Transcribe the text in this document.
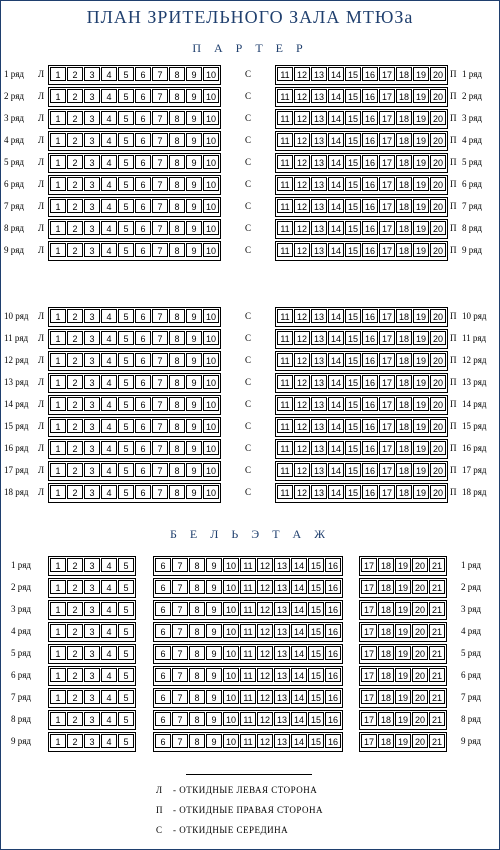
ПЛАН ЗРИТЕЛЬНОГО ЗАЛА МТЮЗа
П А Р Т Е Р
1 ряд Л	1	2	3	4	5	6	7	8	9	10	С	11 12 13 14 15 16 17 18 19 20 П 1 ряд
2 ряд Л	1	2	3	4	5	6	7	8	9	10	С	11 12 13 14 15 16 17 18 19 20 П 2 ряд
3 ряд Л	1	2	3	4	5	6	7	8	9	10	С	11 12 13 14 15 16 17 18 19 20 П 3 ряд
4 ряд Л	1	2	3	4	5	6	7	8	9	10	С	11 12 13 14 15 16 17 18 19 20 П 4 ряд
5 ряд Л	1	2	3	4	5	6	7	8	9	10	С	11 12 13 14 15 16 17 18 19 20 П 5 ряд
6 ряд Л	1	2	3	4	5	6	7	8	9	10	С	11 12 13 14 15 16 17 18 19 20 П 6 ряд
7 ряд Л	1	2	3	4	5	6	7	8	9	10	С	11 12 13 14 15 16 17 18 19 20 П 7 ряд
8 ряд Л	1	2	3	4	5	6	7	8	9	10	С	11 12 13 14 15 16 17 18 19 20 П 8 ряд
9 ряд Л	1	2	3	4	5	6	7	8	9	10	С	11 12 13 14 15 16 17 18 19 20 П 9 ряд
10 ряд Л	1	2	3	4	5	6	7	8	9	10	С	11 12 13 14 15 16 17 18 19 20 П 10 ряд
11 ряд Л	1	2	3	4	5	6	7	8	9	10	С	11 12 13 14 15 16 17 18 19 20 П 11 ряд
12 ряд Л	1	2	3	4	5	6	7	8	9	10	С	11 12 13 14 15 16 17 18 19 20 П 12 ряд
13 ряд Л	1	2	3	4	5	6	7	8	9	10	С	11 12 13 14 15 16 17 18 19 20 П 13 ряд
14 ряд Л	1	2	3	4	5	6	7	8	9	10	С	11 12 13 14 15 16 17 18 19 20 П 14 ряд
15 ряд Л	1	2	3	4	5	6	7	8	9	10	С	11 12 13 14 15 16 17 18 19 20 П 15 ряд
16 ряд Л	1	2	3	4	5	6	7	8	9	10	С	11 12 13 14 15 16 17 18 19 20 П 16 ряд
17 ряд Л	1	2	3	4	5	6	7	8	9	10	С	11 12 13 14 15 16 17 18 19 20 П 17 ряд
18 ряд Л	1	2	3	4	5	6	7	8	9	10	С	11 12 13 14 15 16 17 18 19 20 П 18 ряд
Б Е Л Ь Э Т А Ж
1 ряд	1	2	3	4	5	6	7	8	9	10 11 12 13 14 15 16	17 18 19 20 21	1 ряд
2 ряд	1	2	3	4	5	6	7	8	9	10 11 12 13 14 15 16	17 18 19 20 21	2 ряд
3 ряд	1	2	3	4	5	6	7	8	9	10 11 12 13 14 15 16	17 18 19 20 21	3 ряд
4 ряд	1	2	3	4	5	6	7	8	9	10 11 12 13 14 15 16	17 18 19 20 21	4 ряд
5 ряд	1	2	3	4	5	6	7	8	9	10 11 12 13 14 15 16	17 18 19 20 21	5 ряд
6 ряд	1	2	3	4	5	6	7	8	9	10 11 12 13 14 15 16	17 18 19 20 21	6 ряд
7 ряд	1	2	3	4	5	6	7	8	9	10 11 12 13 14 15 16	17 18 19 20 21	7 ряд
8 ряд	1	2	3	4	5	6	7	8	9	10 11 12 13 14 15 16	17 18 19 20 21	8 ряд
9 ряд	1	2	3	4	5	6	7	8	9	10 11 12 13 14 15 16	17 18 19 20 21	9 ряд
Л - ОТКИДНЫЕ ЛЕВАЯ СТОРОНА
П - ОТКИДНЫЕ ПРАВАЯ СТОРОНА
С - ОТКИДНЫЕ СЕРЕДИНА
